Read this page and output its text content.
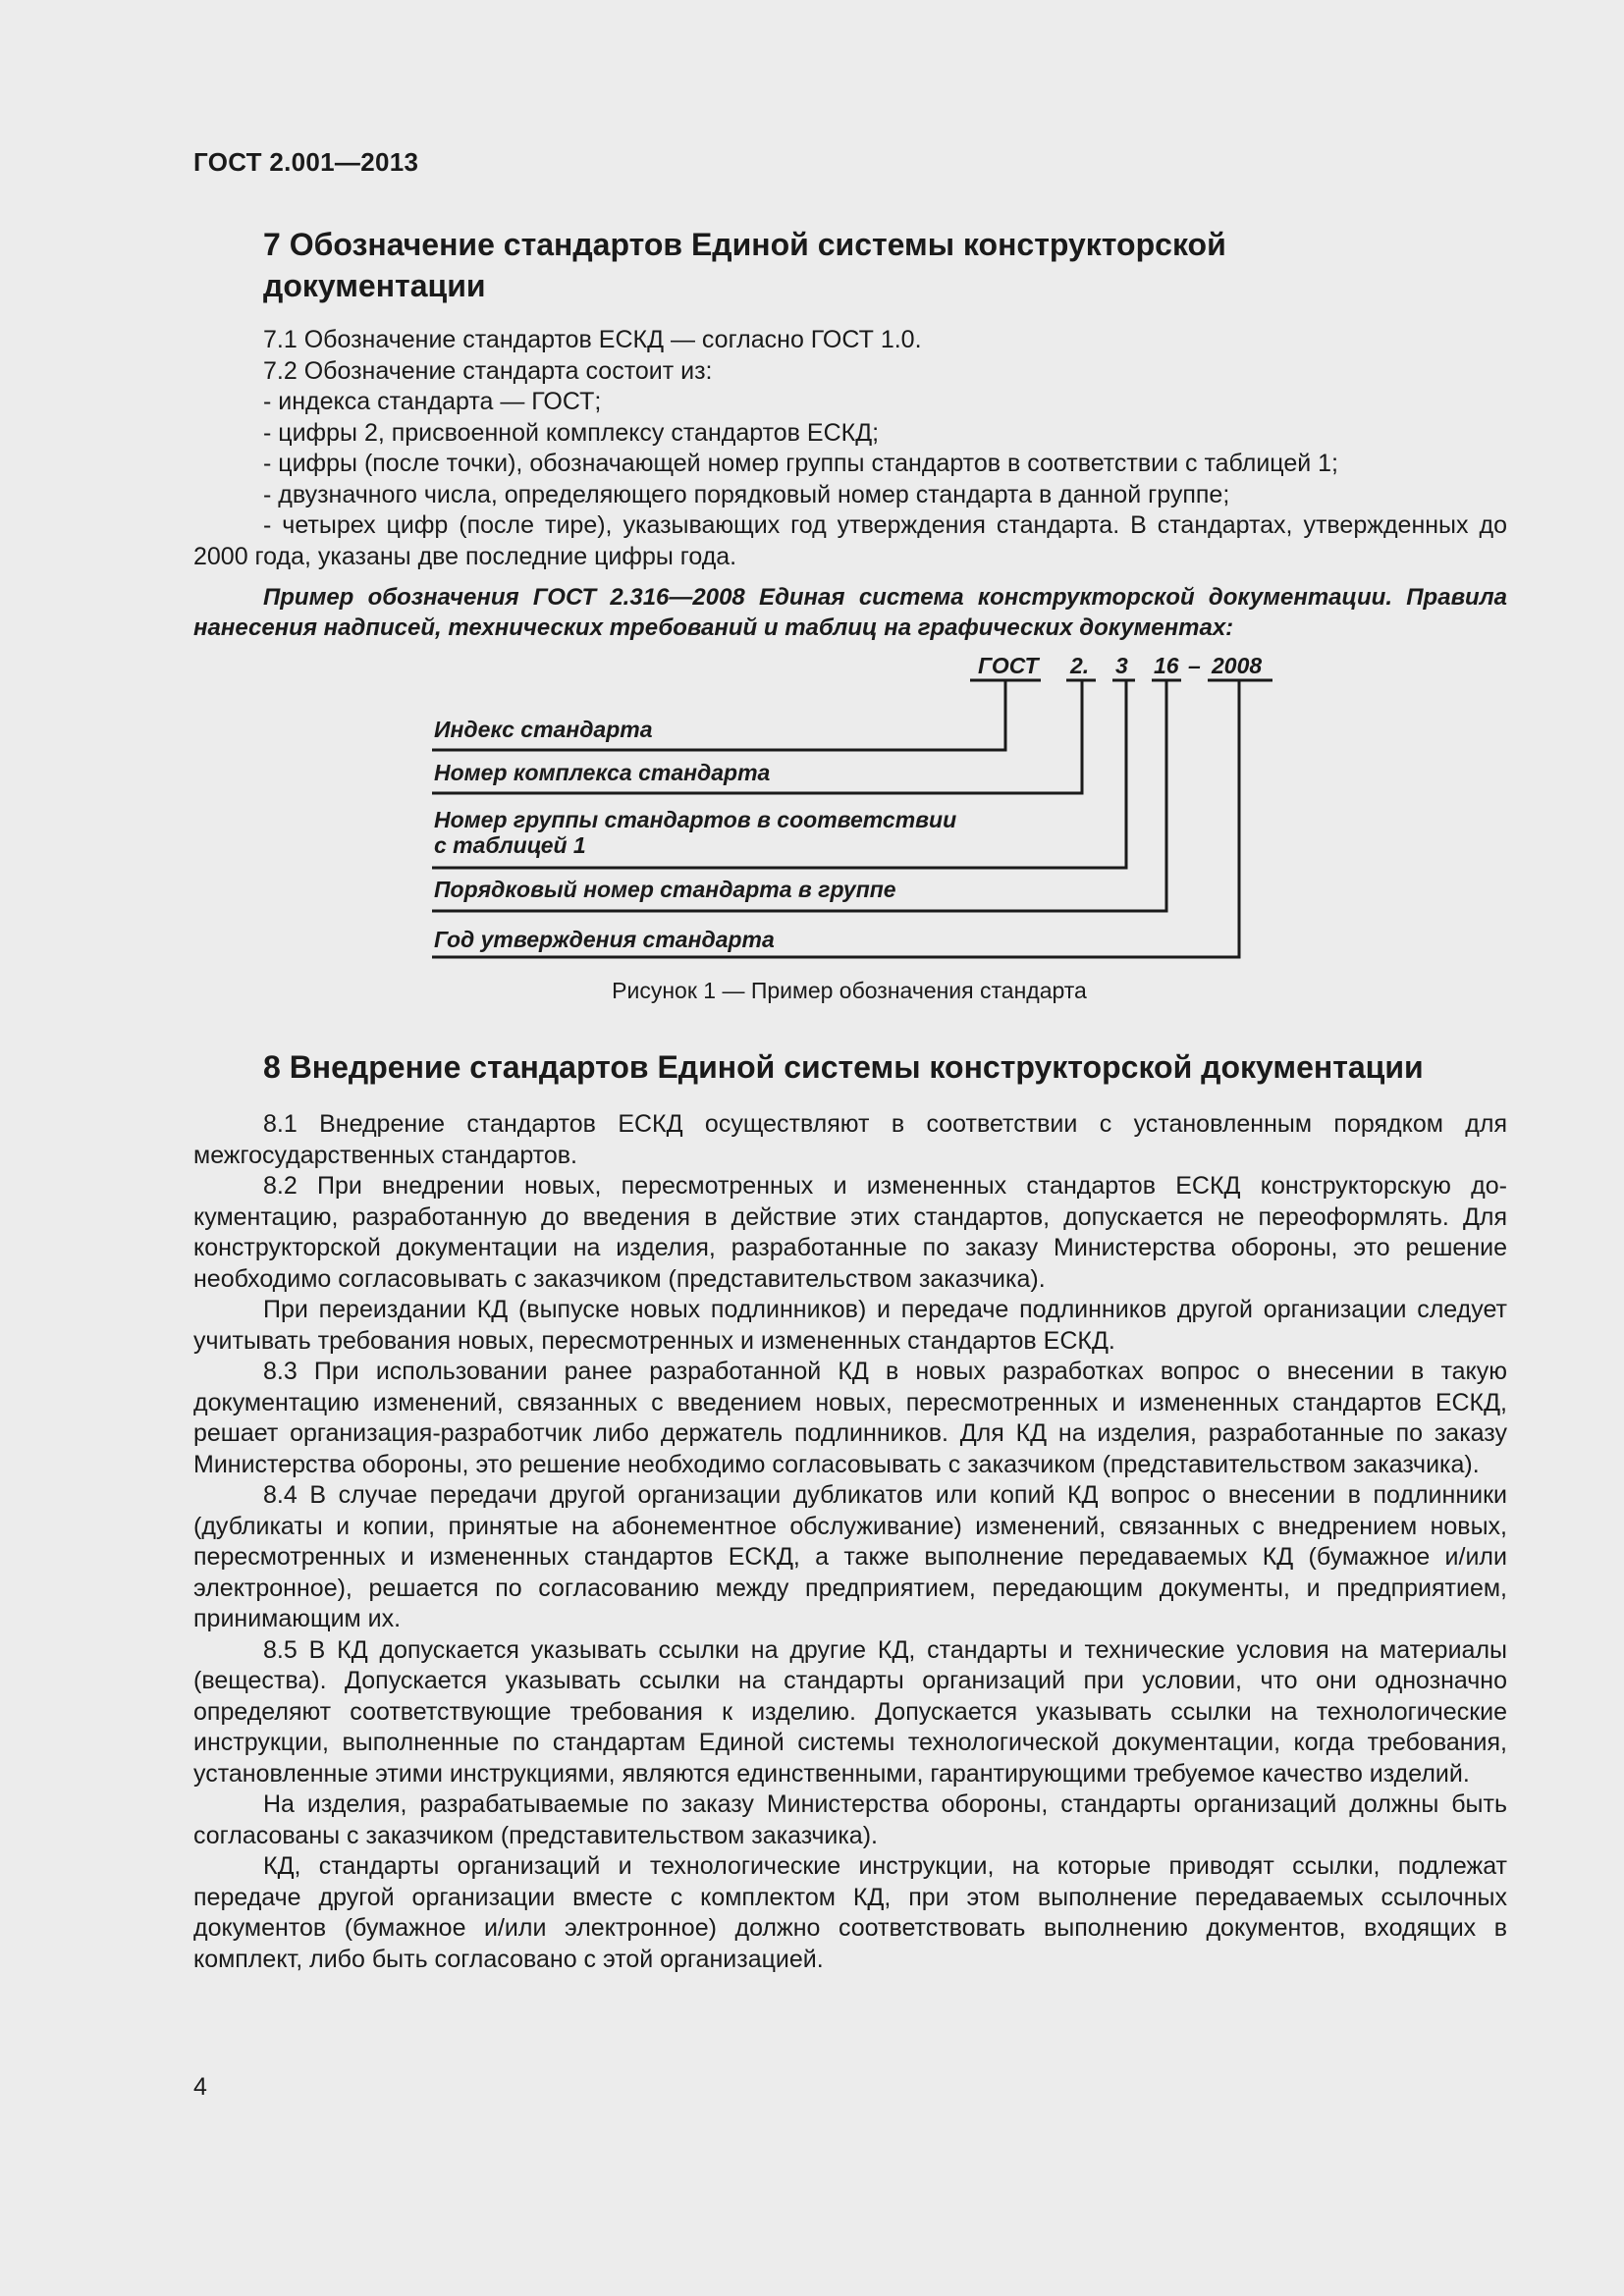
ГОСТ 2.001—2013
7 Обозначение стандартов Единой системы конструкторской документации

7.1 Обозначение стандартов ЕСКД — согласно ГОСТ 1.0.

7.2 Обозначение стандарта состоит из:

- индекса стандарта — ГОСТ;

- цифры 2, присвоенной комплексу стандартов ЕСКД;

- цифры (после точки), обозначающей номер группы стандартов в соответствии с таблицей 1;

- двузначного числа, определяющего порядковый номер стандарта в данной группе;

- четырех цифр (после тире), указывающих год утверждения стандарта. В стандартах, утвержденных до 2000 года, указаны две последние цифры года.

Пример обозначения ГОСТ 2.316—2008 Единая система конструкторской документации. Правила нанесения надписей, технических требований и таблиц на графических документах:

ГОСТ 2. 3 16 – 2008
Индекс стандарта
Номер комплекса стандарта
Номер группы стандартов в соответствии
с таблицей 1
Порядковый номер стандарта в группе
Год утверждения стандарта
Рисунок 1 — Пример обозначения стандарта
8 Внедрение стандартов Единой системы конструкторской документации

8.1 Внедрение стандартов ЕСКД осуществляют в соответствии с установленным порядком для межгосударственных стандартов.

8.2 При внедрении новых, пересмотренных и измененных стандартов ЕСКД конструкторскую документацию, разработанную до введения в действие этих стандартов, допускается не переоформлять. Для конструкторской документации на изделия, разработанные по заказу Министерства обороны, это решение необходимо согласовывать с заказчиком (представительством заказчика).

При переиздании КД (выпуске новых подлинников) и передаче подлинников другой организации следует учитывать требования новых, пересмотренных и измененных стандартов ЕСКД.

8.3 При использовании ранее разработанной КД в новых разработках вопрос о внесении в такую документацию изменений, связанных с введением новых, пересмотренных и измененных стандартов ЕСКД, решает организация-разработчик либо держатель подлинников. Для КД на изделия, разработанные по заказу Министерства обороны, это решение необходимо согласовывать с заказчиком (представительством заказчика).

8.4 В случае передачи другой организации дубликатов или копий КД вопрос о внесении в подлинники (дубликаты и копии, принятые на абонементное обслуживание) изменений, связанных с внедрением новых, пересмотренных и измененных стандартов ЕСКД, а также выполнение передаваемых КД (бумажное и/или электронное), решается по согласованию между предприятием, передающим документы, и предприятием, принимающим их.

8.5 В КД допускается указывать ссылки на другие КД, стандарты и технические условия на материалы (вещества). Допускается указывать ссылки на стандарты организаций при условии, что они однозначно определяют соответствующие требования к изделию. Допускается указывать ссылки на технологические инструкции, выполненные по стандартам Единой системы технологической документации, когда требования, установленные этими инструкциями, являются единственными, гарантирующими требуемое качество изделий.

На изделия, разрабатываемые по заказу Министерства обороны, стандарты организаций должны быть согласованы с заказчиком (представительством заказчика).

КД, стандарты организаций и технологические инструкции, на которые приводят ссылки, подлежат передаче другой организации вместе с комплектом КД, при этом выполнение передаваемых ссылочных документов (бумажное и/или электронное) должно соответствовать выполнению документов, входящих в комплект, либо быть согласовано с этой организацией.

4
